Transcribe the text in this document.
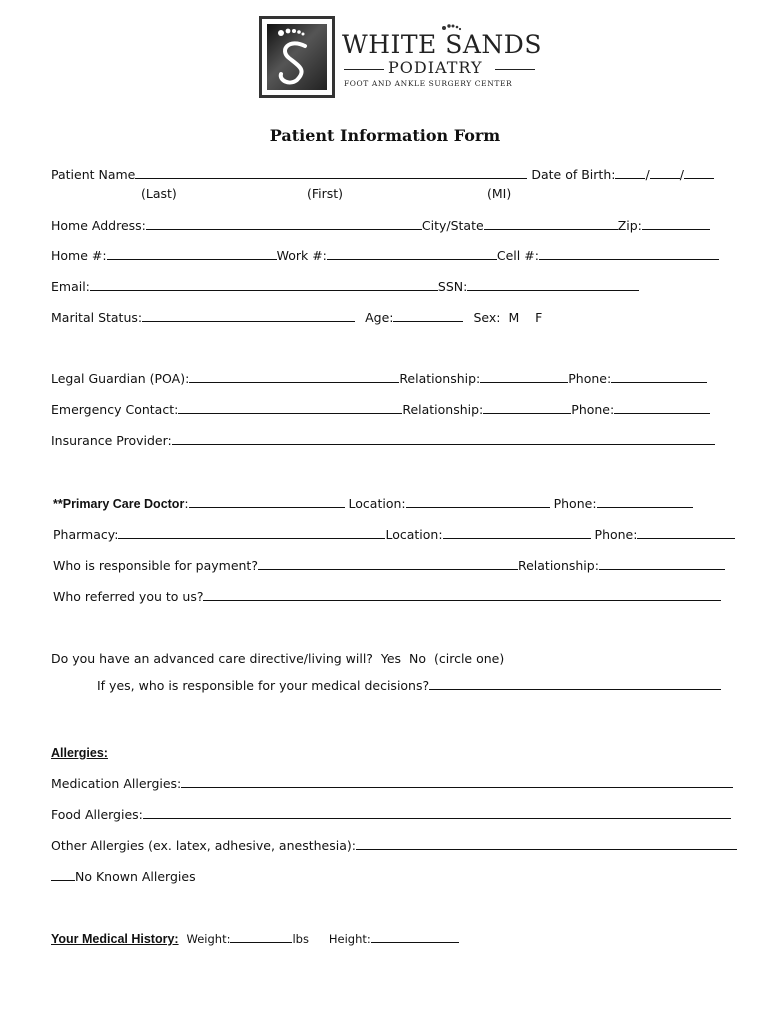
WHITE SANDS
PODIATRY
FOOT AND ANKLE SURGERY CENTER
Patient Information Form
Patient Name	Date of Birth: / /
(Last)	(First)	(MI)
Home Address:	City/State	Zip:
Home #:	Work #:	Cell #:
Email:	SSN:
Marital Status:	Age:	Sex: M F
Legal Guardian (POA):	Relationship:	Phone:
Emergency Contact:	Relationship:	Phone:
Insurance Provider:
**Primary Care Doctor:	Location:	Phone:
Pharmacy:	Location:	Phone:
Who is responsible for payment?	Relationship:
Who referred you to us?
Do you have an advanced care directive/living will? Yes No (circle one)
If yes, who is responsible for your medical decisions?
Allergies:
Medication Allergies:
Food Allergies:
Other Allergies (ex. latex, adhesive, anesthesia):
No Known Allergies
Your Medical History: Weight:	lbs Height:
